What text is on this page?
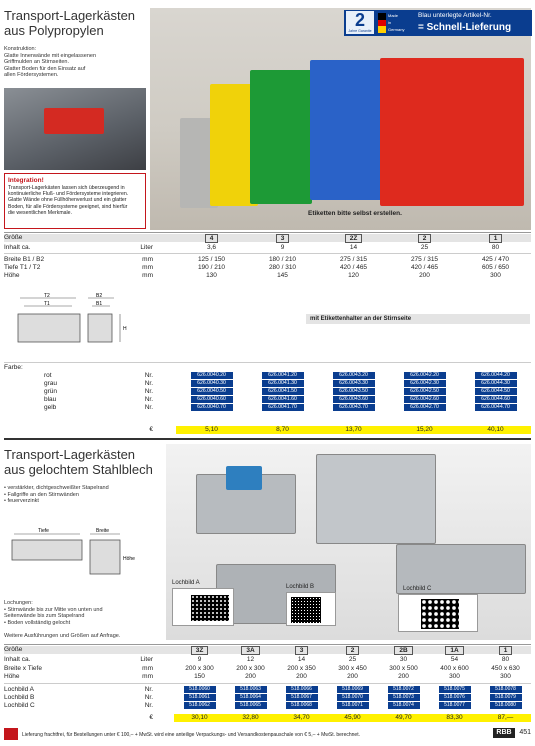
Transport-Lagerkästen
aus Polypropylen
Konstruktion:
Glatte Innenwände mit eingelassenen
Griffmulden an Stirnseiten.
Glatter Boden für den Einsatz auf
allen Fördersystemen.
Integration!

Transport-Lagerkästen lassen sich überzeugend in

kontinuierliche Fluß- und Fördersysteme integrieren.

Glatte Wände ohne Füllhöhenverlust und ein glatter

Boden, für alle Fördersysteme geeignet, sind hierfür

die wesentlichen Merkmale.	Etiketten bitte selbst erstellen.
2
Jahre Garantie
Made
in
Germany
Blau unterlegte Artikel-Nr.
= Schnell-Lieferung
Größe	4	3	2Z	2	1
Inhalt ca.	Liter	3,6	9	14	25	80
Breite B1 / B2	mm	125 / 150	180 / 210	275 / 315	275 / 315	425 / 470
Tiefe T1 / T2	mm	190 / 210	280 / 310	420 / 465	420 / 465	605 / 650
Höhe	mm	130	145	120	200	300
T2
T1
B2
B1
H
mit Etikettenhalter an der Stirnseite
Farbe:
rot	Nr.	626.0040.20	626.0041.20	626.0043.20	626.0042.20	626.0044.20
grau	Nr.	626.0040.30	626.0041.30	626.0043.30	626.0042.30	626.0044.30
grün	Nr.	626.0040.50	626.0041.50	626.0043.50	626.0042.50	626.0044.50
blau	Nr.	626.0040.60	626.0041.60	626.0043.60	626.0042.60	626.0044.60
gelb	Nr.	626.0040.70	626.0041.70	626.0043.70	626.0042.70	626.0044.70
€	5,10	8,70	13,70	15,20	40,10
Transport-Lagerkästen
aus gelochtem Stahlblech
• verstärkter, dichtgeschweißter Stapelrand
• Fallgriffe an den Stirnwänden
• feuerverzinkt
Tiefe	Breite
Höhe
Lochungen:
• Stirnwände bis zur Mitte von unten und
Seitenwände bis zum Stapelrand
• Boden vollständig gelocht
Weitere Ausführungen und Größen auf Anfrage.
Lochbild A
Lochbild B	Lochbild C
Größe	3Z	3A	3	2	2B	1A	1
Inhalt ca.	Liter	9	12	14	25	30	54	80
Breite x Tiefe	mm	200 x 300	200 x 300	200 x 350	300 x 450	300 x 500	400 x 600	450 x 630
Höhe	mm	150	200	200	200	200	300	300
Lochbild A	Nr.	518.0060	518.0063	518.0066	518.0069	518.0072	518.0075	518.0078
Lochbild B	Nr.	518.0061	518.0064	518.0067	518.0070	518.0073	518.0076	518.0079
Lochbild C	Nr.	518.0062	518.0065	518.0068	518.0071	518.0074	518.0077	518.0080
€	30,10	32,80	34,70	45,90	49,70	83,30	87,—
Lieferung frachtfrei, für Bestellungen unter € 100,– + MwSt. wird eine anteilige Verpackungs- und Versandkostenpauschale von € 5,– + MwSt. berechnet.	RBB	451
